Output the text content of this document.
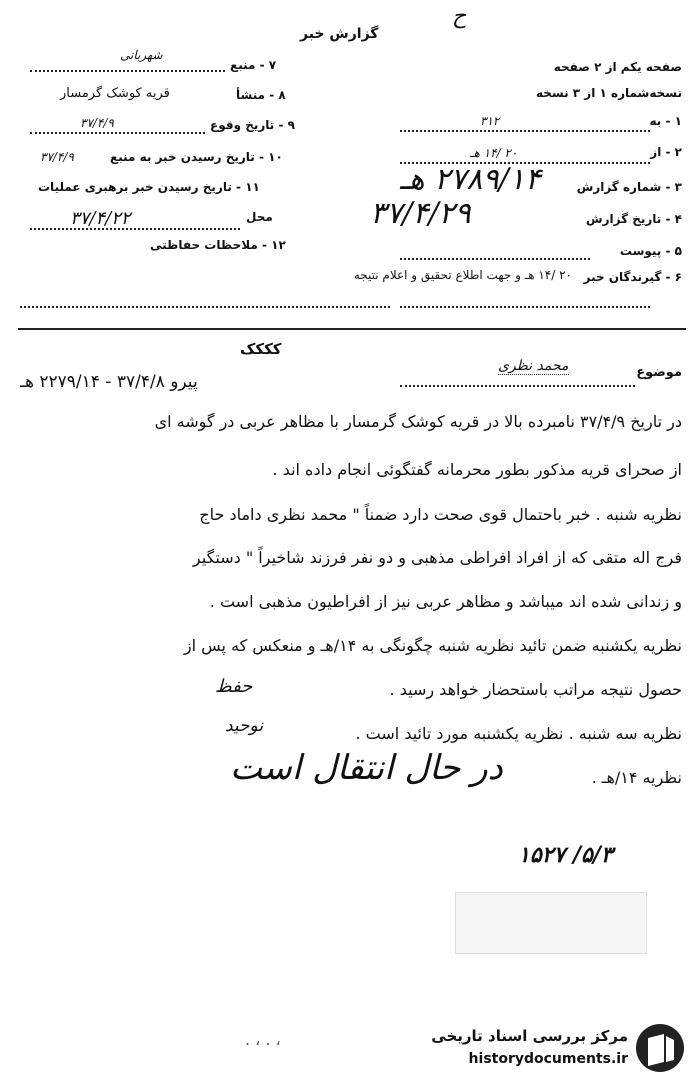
ح
گزارش خبر
صفحه یکم از ۲ صفحه
نسخه‌شماره ۱ از ۳ نسخه
۱ - به
۳۱۲
۲ - از
۲۰ /۱۴ هـ
۳ - شماره گزارش
۲۷۸۹/۱۴ هـ
۴ - تاریخ گزارش
۳۷/۴/۲۹
۵ - پیوست
۶ - گیرندگان خبر
۲۰ /۱۴ هـ و جهت اطلاع تحقیق و اعلام نتیجه
۷ - منبع
شهربانی
۸ - منشأ
قریه کوشک گرمسار
۹ - تاریخ وقوع
۳۷/۴/۹
۱۰ - تاریخ رسیدن خبر به منبع
۳۷/۴/۹
۱۱ - تاریخ رسیدن خبر برهبری عملیات
محل
۳۷/۴/۲۲
۱۲ - ملاحظات حفاظتی
کککک
موضوع
محمد نظری
پیرو ۳۷/۴/۸ - ۲۲۷۹/۱۴ هـ
در تاریخ ۳۷/۴/۹ نامبرده بالا در قریه کوشک گرمسار با مظاهر عربی در گوشه ای
از صحرای قریه مذکور بطور محرمانه گفتگوئی انجام داده اند .
نظریه شنبه . خبر باحتمال قوی صحت دارد ضمناً " محمد نظری داماد حاج
فرج اله متقی که از افراد افراطی مذهبی و دو نفر فرزند شاخیراً " دستگیر
و زندانی شده اند میباشد و مظاهر عربی نیز از افراطیون مذهبی است .
نظریه یکشنبه ضمن تائید نظریه شنبه چگونگی به ۱۴/هـ و منعکس که پس از
حصول نتیجه مراتب باستحضار خواهد رسید .
حفظ
نظریه سه شنبه . نظریه یکشنبه مورد تائید است .
نوحید
نظریه ۱۴/هـ .
در حال انتقال است
۱۵۲۷ /۵/۳
. ، . ،	مرکز بررسی اسناد تاریخی
historydocuments.ir
